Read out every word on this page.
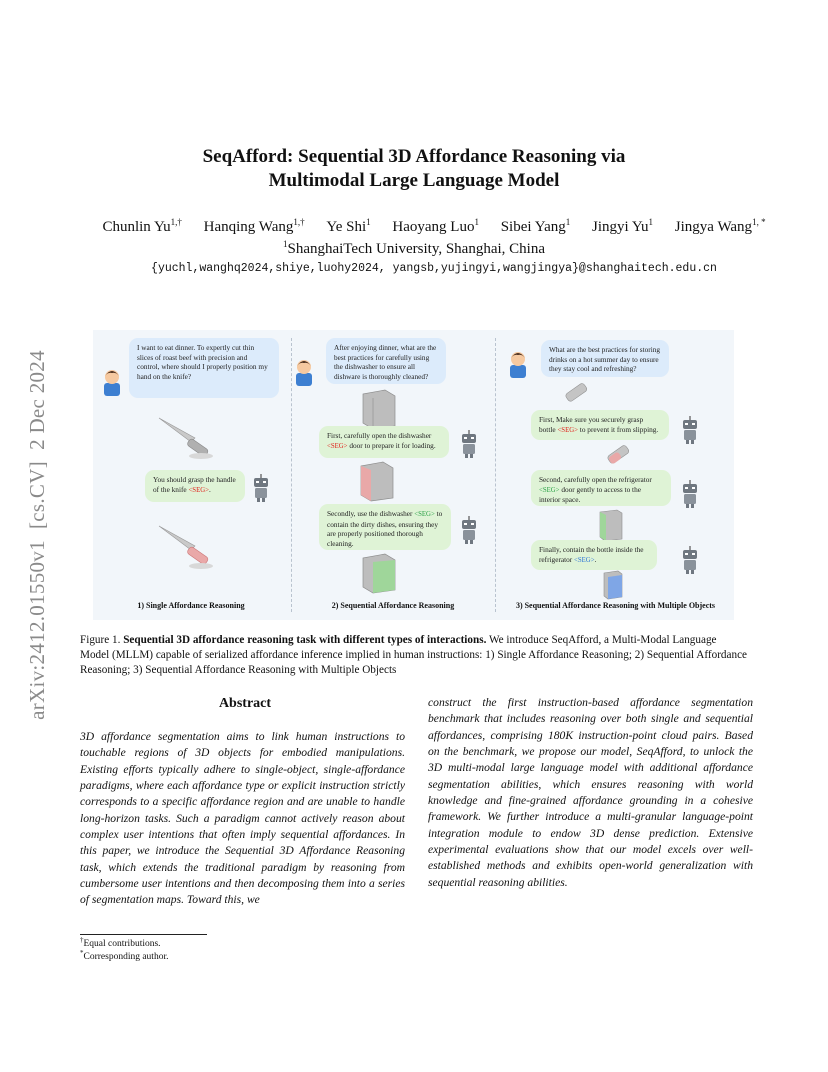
arXiv:2412.01550v1  [cs.CV]  2 Dec 2024
SeqAfford: Sequential 3D Affordance Reasoning via
Multimodal Large Language Model
Chunlin $Yu^{1,\dagger}$ Hanqing Wang$^{1,\dagger}$ Ye Shi$^1$ Haoyang Luo$^1$ Sibei Yang$^1$ Jingyi Yu$^1$ Jingya Wang$^{1, *}$
$^1$ShanghaiTech University, Shanghai, China
{yuchl,wanghq2024,shiye,luohy2024, yangsb,yujingyi,wangjingya}@shanghaitech.edu.cn
I want to eat dinner. To expertly cut thin slices of roast beef with precision and control, where should I properly position my hand on the knife?
You should grasp the handle of the knife <SEG>.
1) Single Affordance Reasoning
After enjoying dinner, what are the best practices for carefully using the dishwasher to ensure all dishware is thoroughly cleaned?
First, carefully open the dishwasher <SEG> door to prepare it for loading.
Secondly, use the dishwasher <SEG> to contain the dirty dishes, ensuring they are properly positioned thorough cleaning.
2) Sequential Affordance Reasoning
What are the best practices for storing drinks on a hot summer day to ensure they stay cool and refreshing?
First, Make sure you securely grasp bottle <SEG> to prevent it from slipping.
Second, carefully open the refrigerator <SEG> door gently to access to the interior space.
Finally, contain the bottle inside the refrigerator <SEG>.
3) Sequential Affordance Reasoning with Multiple Objects
Figure 1. Sequential 3D affordance reasoning task with different types of interactions. We introduce SeqAfford, a Multi-Modal Language Model (MLLM) capable of serialized affordance inference implied in human instructions: 1) Single Affordance Reasoning; 2) Sequential Affordance Reasoning; 3) Sequential Affordance Reasoning with Multiple Objects
Abstract
3D affordance segmentation aims to link human instructions to touchable regions of 3D objects for embodied manipulations. Existing efforts typically adhere to single-object, single-affordance paradigms, where each affordance type or explicit instruction strictly corresponds to a specific affordance region and are unable to handle long-horizon tasks. Such a paradigm cannot actively reason about complex user intentions that often imply sequential affordances. In this paper, we introduce the Sequential 3D Affordance Reasoning task, which extends the traditional paradigm by reasoning from cumbersome user intentions and then decomposing them into a series of segmentation maps. Toward this, we
construct the first instruction-based affordance segmentation benchmark that includes reasoning over both single and sequential affordances, comprising 180K instruction-point cloud pairs. Based on the benchmark, we propose our model, SeqAfford, to unlock the 3D multi-modal large language model with additional affordance segmentation abilities, which ensures reasoning with world knowledge and fine-grained affordance grounding in a cohesive framework. We further introduce a multi-granular language-point integration module to endow 3D dense prediction. Extensive experimental evaluations show that our model excels over well-established methods and exhibits open-world generalization with sequential reasoning abilities.
†Equal contributions.
*Corresponding author.
